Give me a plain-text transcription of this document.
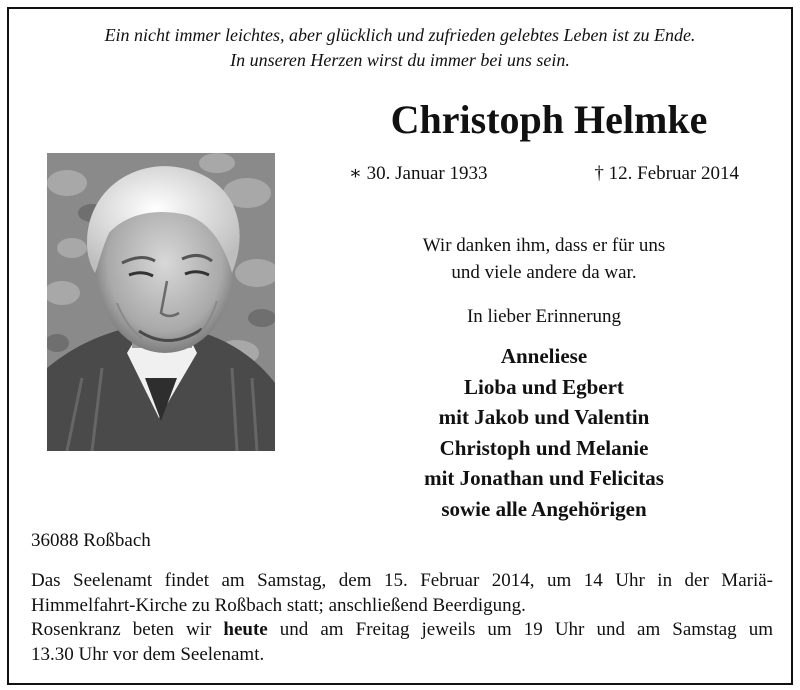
Ein nicht immer leichtes, aber glücklich und zufrieden gelebtes Leben ist zu Ende.
In unseren Herzen wirst du immer bei uns sein.
Christoph Helmke
∗ 30. Januar 1933	† 12. Februar 2014
Wir danken ihm, dass er für uns
und viele andere da war.
In lieber Erinnerung
Anneliese
Lioba und Egbert
mit Jakob und Valentin
Christoph und Melanie
mit Jonathan und Felicitas
sowie alle Angehörigen
36088 Roßbach
Das Seelenamt findet am Samstag, dem 15. Februar 2014, um 14 Uhr in der Mariä-
Himmelfahrt-Kirche zu Roßbach statt; anschließend Beerdigung.
Rosenkranz beten wir heute und am Freitag jeweils um 19 Uhr und am Samstag um
13.30 Uhr vor dem Seelenamt.
